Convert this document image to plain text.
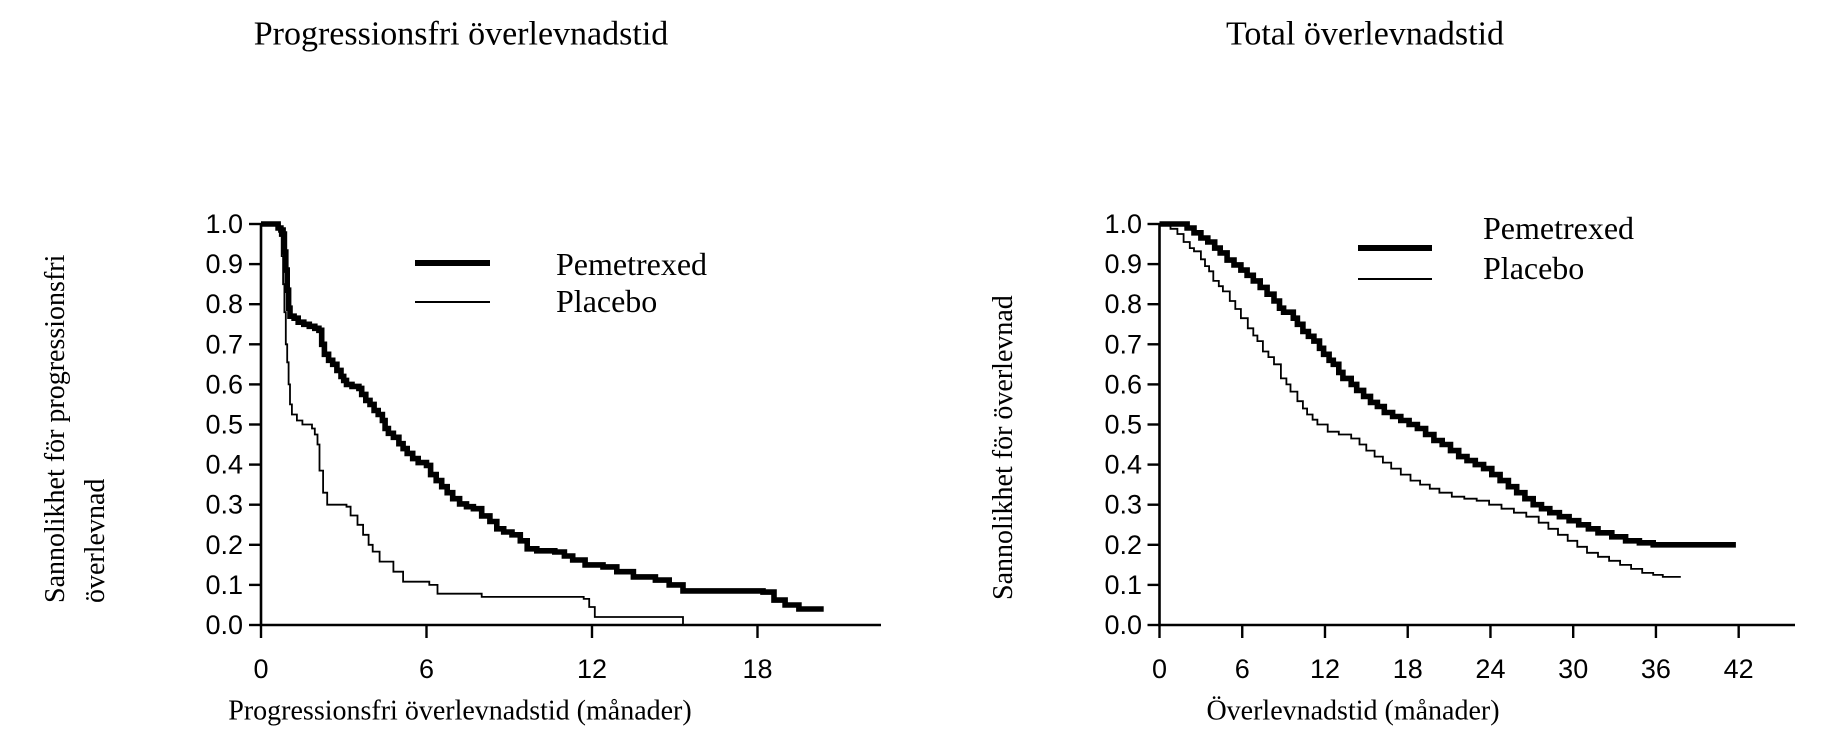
Progressionsfri överlevnadstid
Sannolikhet för progressionsfri överlevnad
Progressionsfri överlevnadstid (månader)
1.0
0.9
0.8
0.7
0.6
0.5
0.4
0.3
0.2
0.1
0.0
0	6	12	18
Pemetrexed
Placebo
Total överlevnadstid
Sannolikhet för överlevnad
Överlevnadstid (månader)
1.0
0.9
0.8
0.7
0.6
0.5
0.4
0.3
0.2
0.1
0.0
0	6 12 18 24 30 36 42
Pemetrexed
Placebo
